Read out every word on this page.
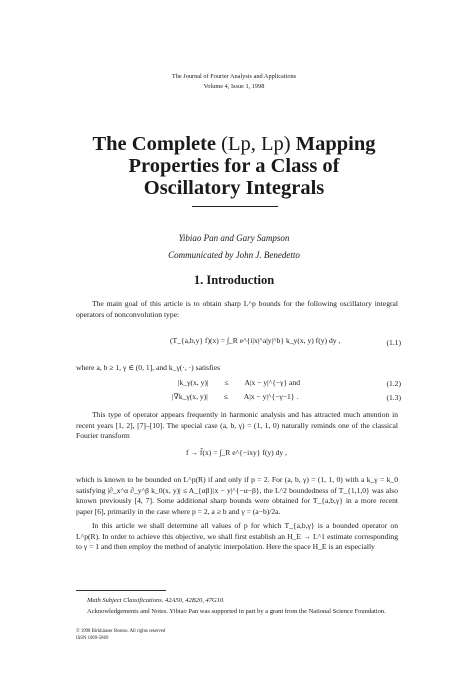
The Journal of Fourier Analysis and Applications
Volume 4, Issue 1, 1998
The Complete (Lp, Lp) Mapping
Properties for a Class of
Oscillatory Integrals
Yibiao Pan and Gary Sampson
Communicated by John J. Benedetto
1. Introduction
The main goal of this article is to obtain sharp L^p bounds for the following oscillatory integral operators of nonconvolution type:
(T_{a,b,y} f)(x) = ∫_R e^{i|x|^a|y|^b} k_y(x, y) f(y) dy ,	(1.1)
where a, b ≥ 1, γ ∈ (0, 1], and k_γ(·, ·) satisfies
|k_γ(x, y)| ≤ A|x − y|^{−γ} and	(1.2)
|∇k_γ(x, y)| ≤ A|x − y|^{−γ−1} .	(1.3)
This type of operator appears frequently in harmonic analysis and has attracted much attention in recent years [1, 2], [7]–[10]. The special case (a, b, γ) = (1, 1, 0) naturally reminds one of the classical Fourier transform
f → f̂(x) = ∫_R e^{−ixy} f(y) dy ,
which is known to be bounded on L^p(R) if and only if p = 2. For (a, b, γ) = (1, 1, 0) with a k_γ = k_0 satisfying |∂_x^α ∂_y^β k_0(x, y)| ≤ A_{αβ}|x − y|^{−α−β}, the L^2 boundedness of T_{1,1,0} was also known previously [4, 7]. Some additional sharp bounds were obtained for T_{a,b,γ} in a more recent paper [6], primarily in the case where p = 2, a ≥ b and γ = (a−b)/2a.
In this article we shall determine all values of p for which T_{a,b,γ} is a bounded operator on L^p(R). In order to achieve this objective, we shall first establish an H_E → L^1 estimate corresponding to γ = 1 and then employ the method of analytic interpolation. Here the space H_E is an especially
Math Subject Classifications. 42A50, 42B20, 47G10.
Acknowledgements and Notes. Yibiao Pan was supported in part by a grant from the National Science Foundation.
© 1998 Birkhäuser Boston. All rights reserved
ISSN 1069-5869
